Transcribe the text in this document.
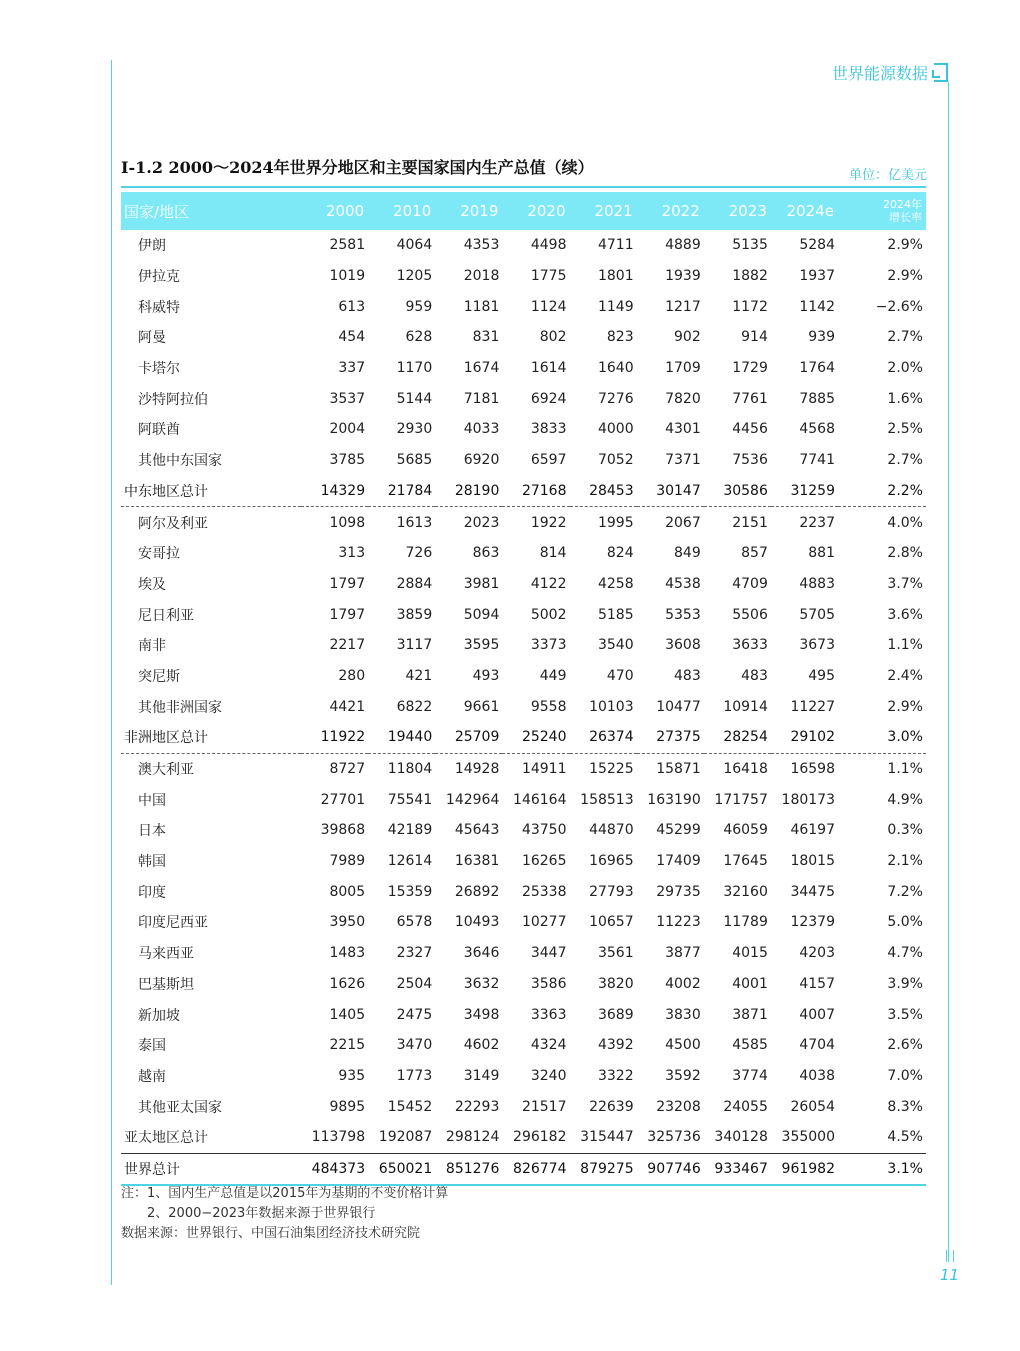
世界能源数据
I-1.2 2000～2024年世界分地区和主要国家国内生产总值（续）	单位：亿美元
国家/地区	2000	2010	2019	2020	2021	2022	2023	2024e	2024年
增长率

伊朗	2581	4064	4353	4498	4711	4889	5135	5284	2.9%
伊拉克	1019	1205	2018	1775	1801	1939	1882	1937	2.9%
科威特	613	959	1181	1124	1149	1217	1172	1142	−2.6%
阿曼	454	628	831	802	823	902	914	939	2.7%
卡塔尔	337	1170	1674	1614	1640	1709	1729	1764	2.0%
沙特阿拉伯	3537	5144	7181	6924	7276	7820	7761	7885	1.6%
阿联酋	2004	2930	4033	3833	4000	4301	4456	4568	2.5%
其他中东国家	3785	5685	6920	6597	7052	7371	7536	7741	2.7%
中东地区总计	14329	21784	28190	27168	28453	30147	30586	31259	2.2%
阿尔及利亚	1098	1613	2023	1922	1995	2067	2151	2237	4.0%
安哥拉	313	726	863	814	824	849	857	881	2.8%
埃及	1797	2884	3981	4122	4258	4538	4709	4883	3.7%
尼日利亚	1797	3859	5094	5002	5185	5353	5506	5705	3.6%
南非	2217	3117	3595	3373	3540	3608	3633	3673	1.1%
突尼斯	280	421	493	449	470	483	483	495	2.4%
其他非洲国家	4421	6822	9661	9558	10103	10477	10914	11227	2.9%
非洲地区总计	11922	19440	25709	25240	26374	27375	28254	29102	3.0%
澳大利亚	8727	11804	14928	14911	15225	15871	16418	16598	1.1%
中国	27701	75541	142964	146164	158513	163190	171757	180173	4.9%
日本	39868	42189	45643	43750	44870	45299	46059	46197	0.3%
韩国	7989	12614	16381	16265	16965	17409	17645	18015	2.1%
印度	8005	15359	26892	25338	27793	29735	32160	34475	7.2%
印度尼西亚	3950	6578	10493	10277	10657	11223	11789	12379	5.0%
马来西亚	1483	2327	3646	3447	3561	3877	4015	4203	4.7%
巴基斯坦	1626	2504	3632	3586	3820	4002	4001	4157	3.9%
新加坡	1405	2475	3498	3363	3689	3830	3871	4007	3.5%
泰国	2215	3470	4602	4324	4392	4500	4585	4704	2.6%
越南	935	1773	3149	3240	3322	3592	3774	4038	7.0%
其他亚太国家	9895	15452	22293	21517	22639	23208	24055	26054	8.3%
亚太地区总计	113798	192087	298124	296182	315447	325736	340128	355000	4.5%
世界总计	484373	650021	851276	826774	879275	907746	933467	961982	3.1%
注：1、国内生产总值是以2015年为基期的不变价格计算
2、2000−2023年数据来源于世界银行
数据来源：世界银行、中国石油集团经济技术研究院
11
